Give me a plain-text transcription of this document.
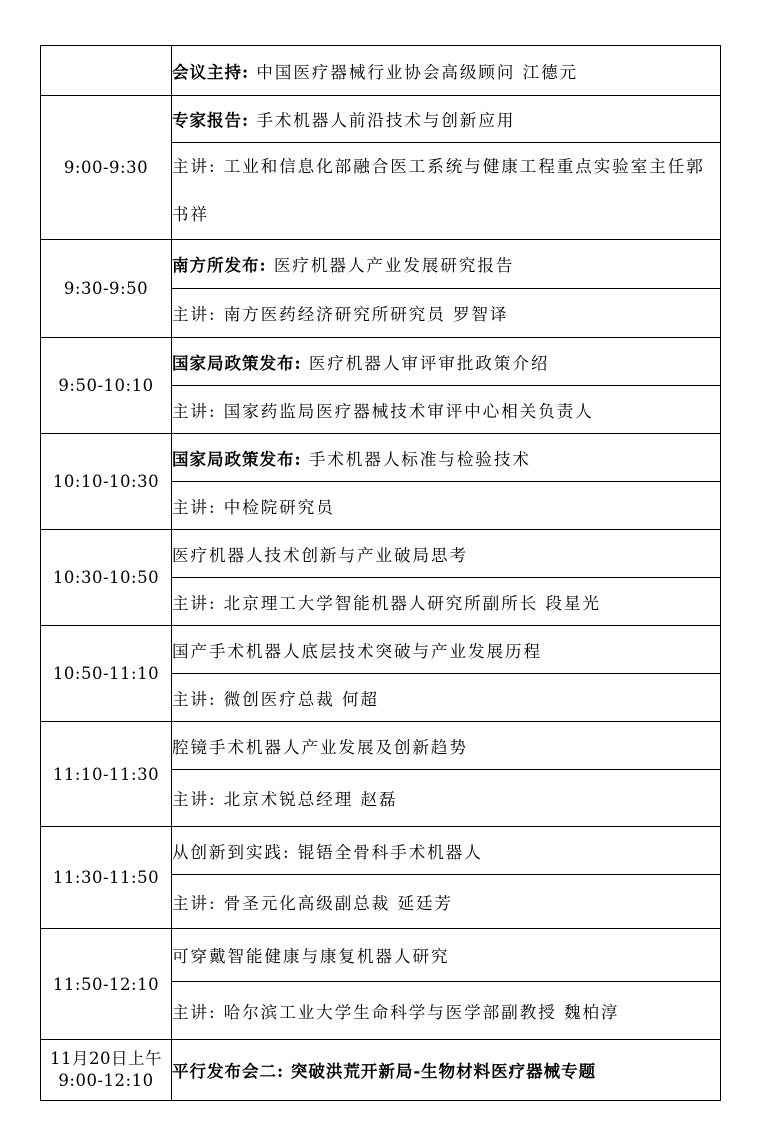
	会议主持: 中国医疗器械行业协会高级顾问 江德元
9:00-9:30	专家报告: 手术机器人前沿技术与创新应用
	主讲: 工业和信息化部融合医工系统与健康工程重点实验室主任郭书祥
9:30-9:50	南方所发布: 医疗机器人产业发展研究报告
	主讲: 南方医药经济研究所研究员 罗智译
9:50-10:10	国家局政策发布: 医疗机器人审评审批政策介绍
	主讲: 国家药监局医疗器械技术审评中心相关负责人
10:10-10:30	国家局政策发布: 手术机器人标准与检验技术
	主讲: 中检院研究员
10:30-10:50	医疗机器人技术创新与产业破局思考
	主讲: 北京理工大学智能机器人研究所副所长 段星光
10:50-11:10	国产手术机器人底层技术突破与产业发展历程
	主讲: 微创医疗总裁 何超
11:10-11:30	腔镜手术机器人产业发展及创新趋势
	主讲: 北京术锐总经理 赵磊
11:30-11:50	从创新到实践: 锟铻全骨科手术机器人
	主讲: 骨圣元化高级副总裁 延廷芳
11:50-12:10	可穿戴智能健康与康复机器人研究
	主讲: 哈尔滨工业大学生命科学与医学部副教授 魏柏淳

11月20日上午
9:00-12:10	平行发布会二: 突破洪荒开新局-生物材料医疗器械专题
